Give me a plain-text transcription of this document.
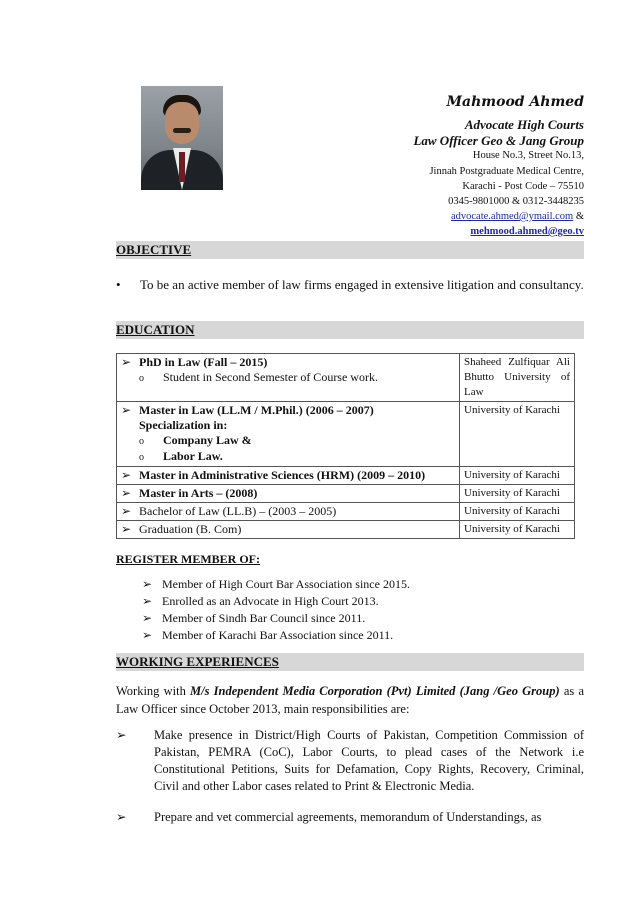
Mahmood Ahmed
Advocate High Courts
Law Officer Geo & Jang Group
House No.3, Street No.13,
Jinnah Postgraduate Medical Centre,
Karachi - Post Code – 75510
0345-9801000 & 0312-3448235
advocate.ahmed@ymail.com &
mehmood.ahmed@geo.tv
OBJECTIVE
• To be an active member of law firms engaged in extensive litigation and consultancy.
EDUCATION
➢ PhD in Law (Fall – 2015)
o Student in Second Semester of Course work.	Shaheed Zulfiquar Ali Bhutto University of Law

➢ Master in Law (LL.M / M.Phil.) (2006 – 2007)
Specialization in:
o Company Law &
o Labor Law.	University of Karachi
➢ Master in Administrative Sciences (HRM) (2009 – 2010)	University of Karachi
➢ Master in Arts – (2008)	University of Karachi
➢ Bachelor of Law (LL.B) – (2003 – 2005)	University of Karachi
➢ Graduation (B. Com)	University of Karachi
REGISTER MEMBER OF:
➢ Member of High Court Bar Association since 2015.
➢ Enrolled as an Advocate in High Court 2013.
➢ Member of Sindh Bar Council since 2011.
➢ Member of Karachi Bar Association since 2011.
WORKING EXPERIENCES
Working with M/s Independent Media Corporation (Pvt) Limited (Jang /Geo Group) as a Law Officer since October 2013, main responsibilities are:
➢ Make presence in District/High Courts of Pakistan, Competition Commission of Pakistan, PEMRA (CoC), Labor Courts, to plead cases of the Network i.e Constitutional Petitions, Suits for Defamation, Copy Rights, Recovery, Criminal, Civil and other Labor cases related to Print & Electronic Media.
➢ Prepare and vet commercial agreements, memorandum of Understandings, as
